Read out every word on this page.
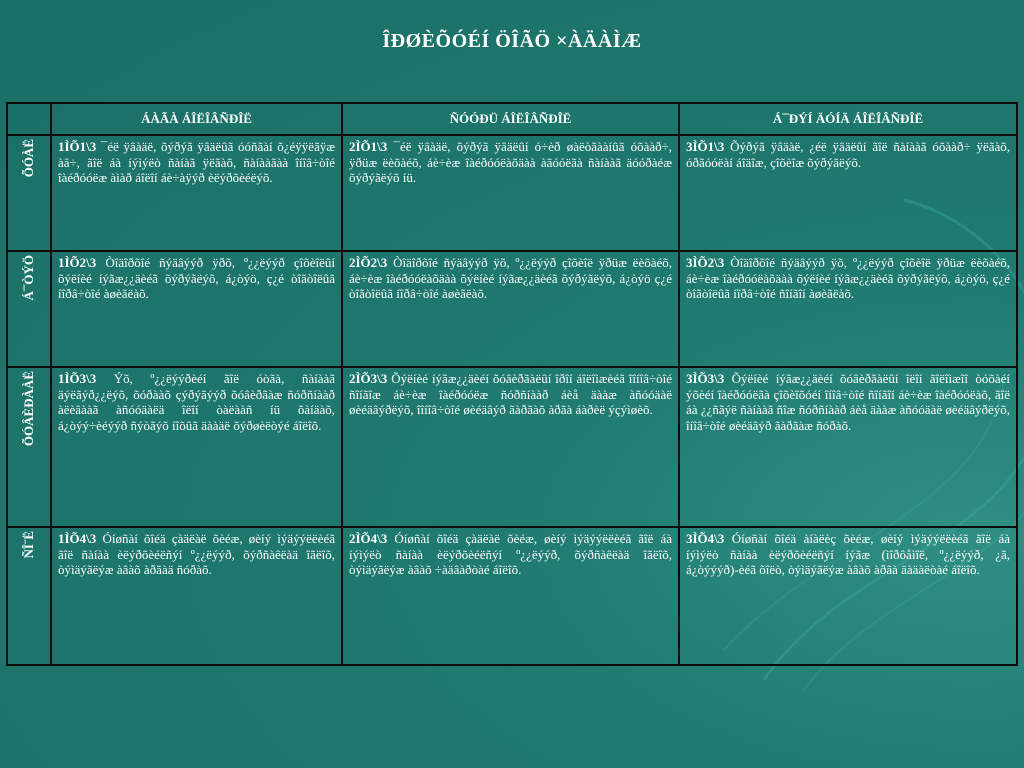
ÎÐØÈÕÓÉÍ ÖÎÃÖ ×ÀÄÀÌÆ
	ÁÀÃÀ ÁÎËÎÂÑÐÎË	ÑÓÓÐÜ ÁÎËÎÂÑÐÎË	Á¯ÐÝÍ ÄÓÍÄ ÁÎËÎÂÑÐÎË
ÕÓÀË	1ÌÕ1\3 ¯éë ÿâàäë, õýðýã ÿâäëûã óóñãàí õ¿éÿÿëãÿæ àâ÷, ãîë áà íýìýëò ñàíàã ÿëãàõ, ñàíààãàà îíîâ÷òîé îàéðóóëæ àìàð áîëîí áè÷àÿýð èëýðõèéëýõ.	2ÌÕ1\3 ¯éë ÿâàäë, õýðýã ÿâäëûí ó÷èð øàëòãààíûã óõààð÷, ÿðüæ ëèõàéõ, áè÷èæ îàéðóóëàõäàà àãóóëãà ñàíààã äóóðàéæ õýðýãëýõ íü.	3ÌÕ1\3 Õýðýã ÿâäàë, ¿éë ÿâäëûí ãîë ñàíààã óõààð÷ ÿëãàõ, óðãóóëàí áîäîæ, çîõèîæ õýðýãëýõ.
Á¯ÒÝÖ	1ÌÕ2\3 Òîäîðõîé ñýäâýýð ÿðõ, º¿¿ëýýð çîõèîëûí õýëíèé íýãæ¿¿äèéã õýðýãëýõ, á¿òýö, ç¿é òîãòîëûã íîðâ÷òîé àøèãëàõ.	2ÌÕ2\3 Òîäîðõîé ñýäâýýð ÿõ, º¿¿ëýýð çîõèîë ÿðüæ ëèõàéõ, áè÷èæ îàéðóóëàõäàà õýëíèé íýãæ¿¿äèéã õýðýãëýõ, á¿òýö ç¿é òîãòîëûã íîðâ÷òîé àøèãëàõ.	3ÌÕ2\3 Òîäîðõîé ñýäâýýð ÿõ, º¿¿ëýýð çîõèîë ÿðüæ ëèõàéõ, áè÷èæ îàéðóóëàõäàà õýëíèé íýãæ¿¿äèéã õýðýãëýõ, á¿òýö, ç¿é òîãòîëûã íîðâ÷òîé ñîíãîí àøèãëàõ.
ÕÓÂÈÐÀÀË	1ÌÕ3\3 Ýõ, º¿¿ëýýðèéí ãîë óòãà, ñàíààã äýëãýð¿¿ëýõ, õóðààõ çýðýãýýð õóâèðãàæ ñóðñíààð àëèâààã àñóóäàëä îëîí òàëààñ íü õàíäàõ, á¿òýý÷èéýýð ñýòãýõ íîõûã äààäë õýðøèëòýé áîëîõ.	2ÌÕ3\3 Õýëíèé íýãæ¿¿äèéí õóâèðãàëûí îðîí áîëîìæèéã îîíîâ÷òîé ñîíãîæ áè÷èæ îàéðóóëæ ñóðñíààð áèå äààæ àñóóäàë øèéäâýðëýõ, îîíîâ÷òîé øèéäâýð ãàðãàõ àðãà áàðèë ýçýìøèõ.	3ÌÕ3\3 Õýëíèé íýãæ¿¿äèéí õóâèðãàëûí îëîí ãîëîìæîî òóõàéí ýõèéí îàéðóóëãà çîõèîõóéí îíîâ÷òîé ñîíãîí áè÷èæ îàéðóóëàõ, ãîë áà ¿¿ñãýë ñàíààã ñîæ ñóðñíààð áèå äààæ àñóóäàë øèéäâýðëýõ, îíîâ÷òîé øèéäâýð ãàðãàæ ñóðàõ.
ÑÎ¨Ë	1ÌÕ4\3 Óíøñàí õîéä çàäëàë õèéæ, øèíý ìýäýýëëèéã ãîë ñàíàà èëýðõèéëñýí º¿¿ëýýð, õýðñàêëàä îãëîõ, òýìäýãëýæ àâàõ àðãàä ñóðàõ.	2ÌÕ4\3 Óíøñàí õîéä çàäëàë õèéæ, øèíý ìýäýýëëèéã ãîë áà íýìýëò ñàíàà èëýðõèéëñýí º¿¿ëýýð, õýðñàêëàä îãëîõ, òýìäýãëýæ àâàõ ÷àäâàðòàé áîëîõ.	3ÌÕ4\3 Óíøñàí õîéä àíàëèç õèéæ, øèíý ìýäýýëëèéã ãîë áà íýìýëò ñàíàà èëýðõèéëñýí íýãæ (ìîðôåìîë, º¿¿ëýýð, ¿ã, á¿òýýýð)-èéã õîëò, òýìäýãëýæ àâàõ àðãà äàäàëòàé áîëîõ.
